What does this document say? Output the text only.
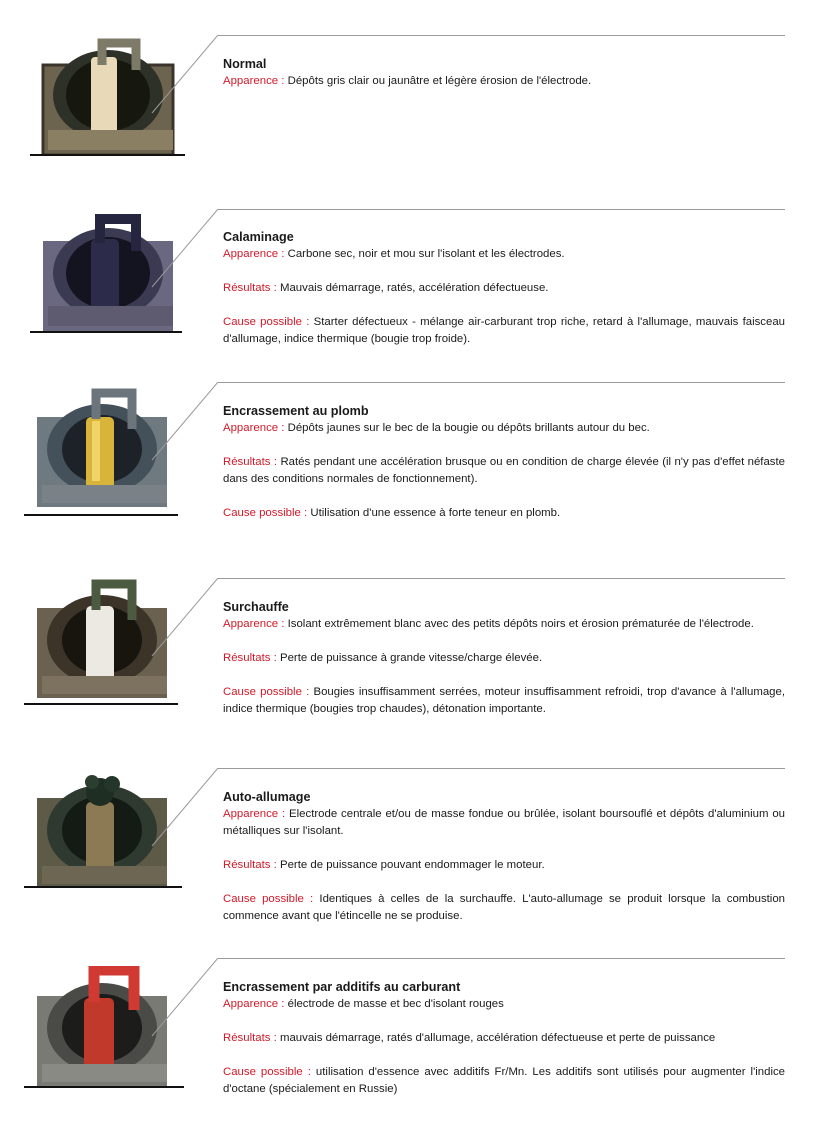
Normal
Apparence : Dépôts gris clair ou jaunâtre et légère érosion de l'électrode.
Calaminage
Apparence : Carbone sec, noir et mou sur l'isolant et les électrodes.
Résultats : Mauvais démarrage, ratés, accélération défectueuse.
Cause possible : Starter défectueux - mélange air-carburant trop riche, retard à l'allumage, mauvais faisceau d'allumage, indice thermique (bougie trop froide).
Encrassement au plomb
Apparence : Dépôts jaunes sur le bec de la bougie ou dépôts brillants autour du bec.
Résultats : Ratés pendant une accélération brusque ou en condition de charge élevée (il n'y pas d'effet néfaste dans des conditions normales de fonctionnement).
Cause possible : Utilisation d'une essence à forte teneur en plomb.
Surchauffe
Apparence : Isolant extrêmement blanc avec des petits dépôts noirs et érosion prématurée de l'électrode.
Résultats : Perte de puissance à grande vitesse/charge élevée.
Cause possible : Bougies insuffisamment serrées, moteur insuffisamment refroidi, trop d'avance à l'allumage, indice thermique (bougies trop chaudes), détonation importante.
Auto-allumage
Apparence : Electrode centrale et/ou de masse fondue ou brûlée, isolant boursouflé et dépôts d'aluminium ou métalliques sur l'isolant.
Résultats : Perte de puissance pouvant endommager le moteur.
Cause possible : Identiques à celles de la surchauffe. L'auto-allumage se produit lorsque la combustion commence avant que l'étincelle ne se produise.
Encrassement par additifs au carburant
Apparence : électrode de masse et bec d'isolant rouges
Résultats : mauvais démarrage, ratés d'allumage, accélération défectueuse et perte de puissance
Cause possible : utilisation d'essence avec additifs Fr/Mn. Les additifs sont utilisés pour augmenter l'indice d'octane (spécialement en Russie)
